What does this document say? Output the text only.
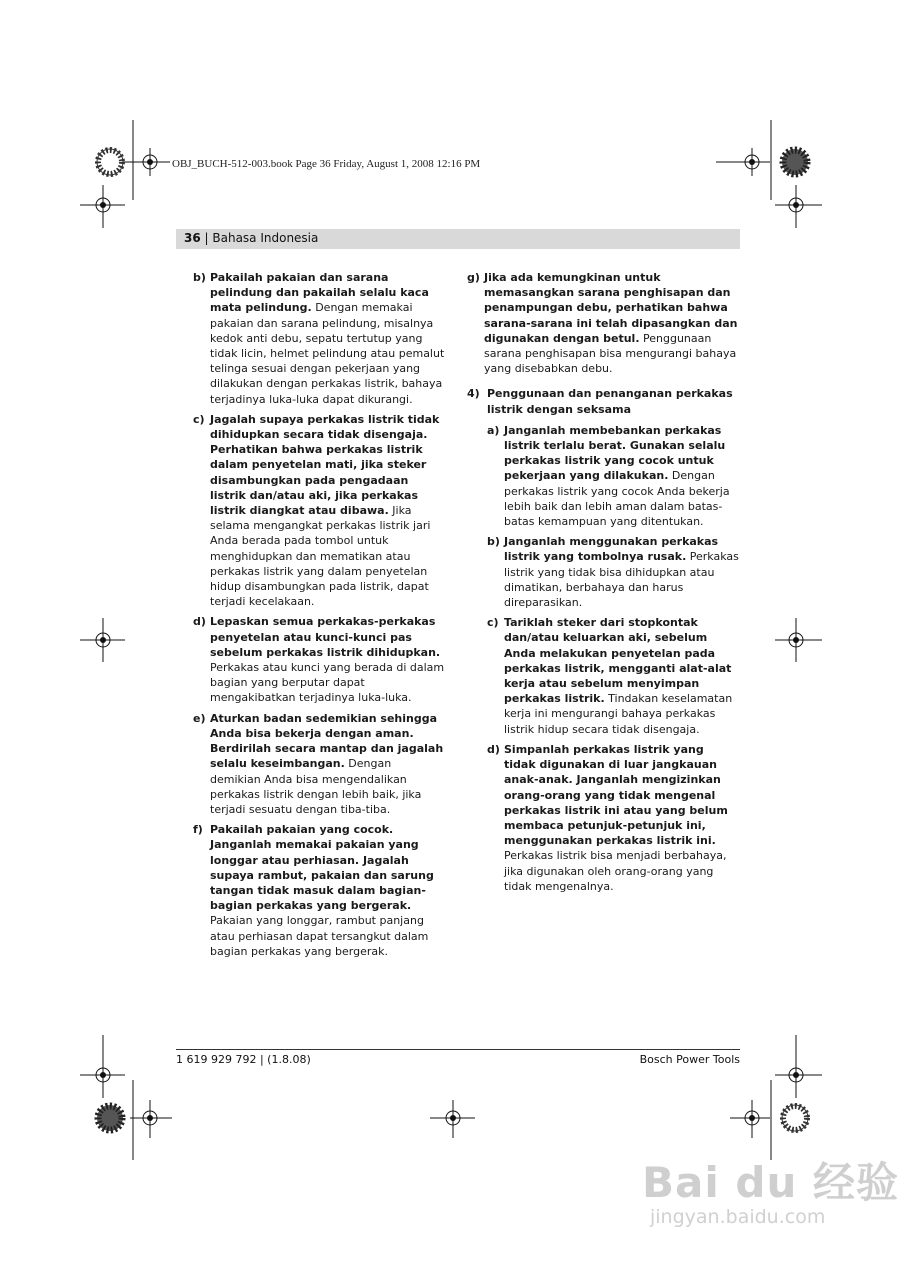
OBJ_BUCH-512-003.book Page 36 Friday, August 1, 2008 12:16 PM
36 | Bahasa Indonesia
b) Pakailah pakaian dan sarana pelindung dan pakailah selalu kaca mata pelindung. Dengan memakai pakaian dan sarana pelindung, misalnya kedok anti debu, sepatu tertutup yang tidak licin, helmet pelindung atau pemalut telinga sesuai dengan pekerjaan yang dilakukan dengan perkakas listrik, bahaya terjadinya luka-luka dapat dikurangi.

c) Jagalah supaya perkakas listrik tidak dihidupkan secara tidak disengaja. Perhatikan bahwa perkakas listrik dalam penyetelan mati, jika steker disambungkan pada pengadaan listrik dan/atau aki, jika perkakas listrik diangkat atau dibawa. Jika selama mengangkat perkakas listrik jari Anda berada pada tombol untuk menghidupkan dan mematikan atau perkakas listrik yang dalam penyetelan hidup disambungkan pada listrik, dapat terjadi kecelakaan.

d) Lepaskan semua perkakas-perkakas penyetelan atau kunci-kunci pas sebelum perkakas listrik dihidupkan. Perkakas atau kunci yang berada di dalam bagian yang berputar dapat mengakibatkan terjadinya luka-luka.

e) Aturkan badan sedemikian sehingga Anda bisa bekerja dengan aman. Berdirilah secara mantap dan jagalah selalu keseimbangan. Dengan demikian Anda bisa mengendalikan perkakas listrik dengan lebih baik, jika terjadi sesuatu dengan tiba-tiba.

f) Pakailah pakaian yang cocok. Janganlah memakai pakaian yang longgar atau perhiasan. Jagalah supaya rambut, pakaian dan sarung tangan tidak masuk dalam bagian-bagian perkakas yang bergerak. Pakaian yang longgar, rambut panjang atau perhiasan dapat tersangkut dalam bagian perkakas yang bergerak.

g) Jika ada kemungkinan untuk memasangkan sarana penghisapan dan penampungan debu, perhatikan bahwa sarana-sarana ini telah dipasangkan dan digunakan dengan betul. Penggunaan sarana penghisapan bisa mengurangi bahaya yang disebabkan debu.

4) Penggunaan dan penanganan perkakas listrik dengan seksama
a) Janganlah membebankan perkakas listrik terlalu berat. Gunakan selalu perkakas listrik yang cocok untuk pekerjaan yang dilakukan. Dengan perkakas listrik yang cocok Anda bekerja lebih baik dan lebih aman dalam batas-batas kemampuan yang ditentukan.

b) Janganlah menggunakan perkakas listrik yang tombolnya rusak. Perkakas listrik yang tidak bisa dihidupkan atau dimatikan, berbahaya dan harus direparasikan.

c) Tariklah steker dari stopkontak dan/atau keluarkan aki, sebelum Anda melakukan penyetelan pada perkakas listrik, mengganti alat-alat kerja atau sebelum menyimpan perkakas listrik. Tindakan keselamatan kerja ini mengurangi bahaya perkakas listrik hidup secara tidak disengaja.

d) Simpanlah perkakas listrik yang tidak digunakan di luar jangkauan anak-anak. Janganlah mengizinkan orang-orang yang tidak mengenal perkakas listrik ini atau yang belum membaca petunjuk-petunjuk ini, menggunakan perkakas listrik ini. Perkakas listrik bisa menjadi berbahaya, jika digunakan oleh orang-orang yang tidak mengenalnya.

1 619 929 792 | (1.8.08)	Bosch Power Tools
Bai du 经验
jingyan.baidu.com
